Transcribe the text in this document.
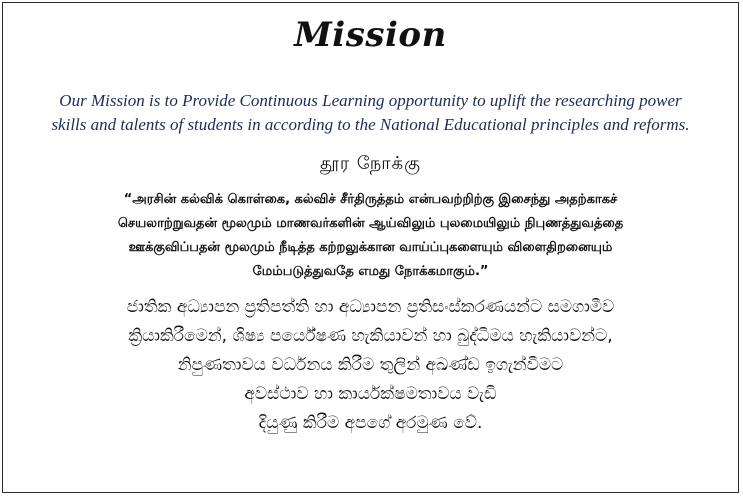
Mission
Our Mission is to Provide Continuous Learning opportunity to uplift the researching power
skills and talents of students in according to the National Educational principles and reforms.
தூர நோக்கு
“அரசின் கல்விக் கொள்கை, கல்விச் சீர்திருத்தம் என்பவற்றிற்கு இசைந்து அதற்காகச்
செயலாற்றுவதன் மூலமும் மாணவர்களின் ஆய்விலும் புலமையிலும் நிபுணத்துவத்தை
ஊக்குவிப்பதன் மூலமும் நீடித்த கற்றலுக்கான வாய்ப்புகளையும் விளைதிறனையும்
மேம்படுத்துவதே எமது நோக்கமாகும்.”
ජාතික අධ්‍යාපන ප්‍රතිපත්ති හා අධ්‍යාපන ප්‍රතිසංස්කරණයන්ට සමගාමීව
ක්‍රියාකිරීමෙන්, ශිෂ්‍ය පර්යේෂණ හැකියාවන් හා බුද්ධිමය හැකියාවන්ට,
නිපුණතාවය වර්ධනය කිරීම තුලින් අඛණ්ඩ ඉගැන්වීමට
අවස්ථාව හා කාර්යක්ෂමතාවය වැඩි
දියුණු කිරීම අපගේ අරමුණ වේ.
